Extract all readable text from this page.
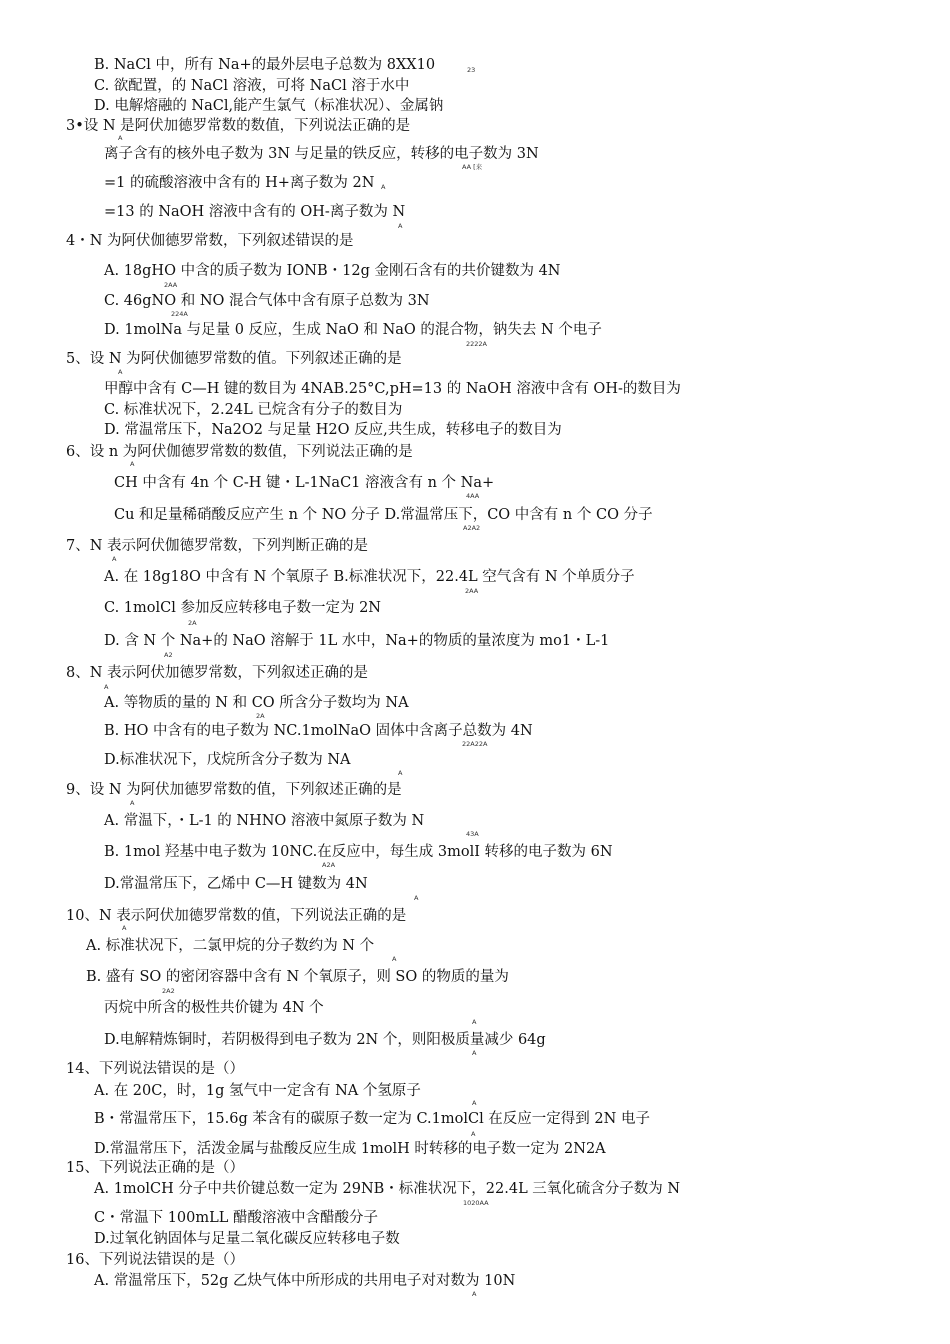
B. NaCl 中，所有 Na+的最外层电子总数为 8XX10
C. 欲配置，的 NaCl 溶液，可将 NaCl 溶于水中
D. 电解熔融的 NaCl,能产生氯气（标准状况）、金属钠
3•设 N 是阿伏加德罗常数的数值，下列说法正确的是
离子含有的核外电子数为 3N 与足量的铁反应，转移的电子数为 3N
=1 的硫酸溶液中含有的 H+离子数为 2N
=13 的 NaOH 溶液中含有的 OH-离子数为 N
4・N 为阿伏伽德罗常数，下列叙述错误的是
A. 18gHO 中含的质子数为 IONB・12g 金刚石含有的共价键数为 4N
C. 46gNO 和 NO 混合气体中含有原子总数为 3N
D. 1molNa 与足量 0 反应，生成 NaO 和 NaO 的混合物，钠失去 N 个电子
5、设 N 为阿伏伽德罗常数的值。下列叙述正确的是
甲醇中含有 C—H 键的数目为 4NAB.25°C,pH=13 的 NaOH 溶液中含有 OH-的数目为
C. 标准状况下，2.24L 已烷含有分子的数目为
D. 常温常压下，Na2O2 与足量 H2O 反应,共生成，转移电子的数目为
6、设 n 为阿伏伽德罗常数的数值，下列说法正确的是
CH 中含有 4n 个 C-H 键・L-1NaC1 溶液含有 n 个 Na+
Cu 和足量稀硝酸反应产生 n 个 NO 分子 D.常温常压下，CO 中含有 n 个 CO 分子
7、N 表示阿伏伽德罗常数，下列判断正确的是
A. 在 18g18O 中含有 N 个氧原子 B.标准状况下，22.4L 空气含有 N 个单质分子
C. 1molCl 参加反应转移电子数一定为 2N
D. 含 N 个 Na+的 NaO 溶解于 1L 水中，Na+的物质的量浓度为 mo1・L-1
8、N 表示阿伏加德罗常数，下列叙述正确的是
A. 等物质的量的 N 和 CO 所含分子数均为 NA
B. HO 中含有的电子数为 NC.1molNaO 固体中含离子总数为 4N
D.标准状况下，戊烷所含分子数为 NA
9、设 N 为阿伏加德罗常数的值，下列叙述正确的是
A. 常温下，・L-1 的 NHNO 溶液中氮原子数为 N
B. 1mol 羟基中电子数为 10NC.在反应中，每生成 3molI 转移的电子数为 6N
D.常温常压下，乙烯中 C—H 键数为 4N
10、N 表示阿伏加德罗常数的值，下列说法正确的是
A. 标准状况下，二氯甲烷的分子数约为 N 个
B. 盛有 SO 的密闭容器中含有 N 个氧原子，则 SO 的物质的量为
丙烷中所含的极性共价键为 4N 个
D.电解精炼铜时，若阴极得到电子数为 2N 个，则阳极质量减少 64g
14、下列说法错误的是（）
A. 在 20C，时，1g 氢气中一定含有 NA 个氢原子
B・常温常压下，15.6g 苯含有的碳原子数一定为 C.1molCl 在反应一定得到 2N 电子
D.常温常压下，活泼金属与盐酸反应生成 1molH 时转移的电子数一定为 2N2A
15、下列说法正确的是（）
A. 1molCH 分子中共价键总数一定为 29NB・标准状况下，22.4L 三氧化硫含分子数为 N
C・常温下 100mLL 醋酸溶液中含醋酸分子
D.过氧化钠固体与足量二氧化碳反应转移电子数
16、下列说法错误的是（）
A. 常温常压下，52g 乙炔气体中所形成的共用电子对对数为 10N
23
A
AA [来
A
A
2AA
224A
2222A
A
A
4AA
A2A2
A
2AA
2A
A2
A
2A
22A22A
A
A
43A
A2A
A
A
A
2A2
A
A
A
A
1020AA
A
